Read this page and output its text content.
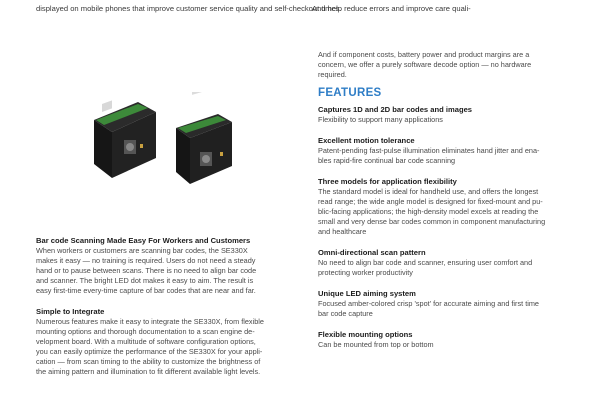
displayed on mobile phones that improve customer service quality and self-checkout times.
And help reduce errors and improve care quali-
Bar code Scanning Made Easy For Workers and Customers
When workers or customers are scanning bar codes, the SE330X
makes it easy — no training is required. Users do not need a steady
hand or to pause between scans. There is no need to align bar code
and scanner. The bright LED dot makes it easy to aim. The result is
easy first-time every-time capture of bar codes that are near and far.
Simple to Integrate
Numerous features make it easy to integrate the SE330X, from flexible
mounting options and thorough documentation to a scan engine de-
velopment board. With a multitude of software configuration options,
you can easily optimize the performance of the SE330X for your appli-
cation — from scan timing to the ability to customize the brightness of
the aiming pattern and illumination to fit different available light levels.
And if component costs, battery power and product margins are a
concern, we offer a purely software decode option — no hardware
required.
FEATURES
Captures 1D and 2D bar codes and images
Flexibility to support many applications
Excellent motion tolerance
Patent-pending fast-pulse illumination eliminates hand jitter and ena-
bles rapid-fire continual bar code scanning
Three models for application flexibility
The standard model is ideal for handheld use, and offers the longest
read range; the wide angle model is designed for fixed-mount and pu-
blic-facing applications; the high-density model excels at reading the
small and very dense bar codes common in component manufacturing
and healthcare
Omni-directional scan pattern
No need to align bar code and scanner, ensuring user comfort and
protecting worker productivity
Unique LED aiming system
Focused amber-colored crisp 'spot' for accurate aiming and first time
bar code capture
Flexible mounting options
Can be mounted from top or bottom
